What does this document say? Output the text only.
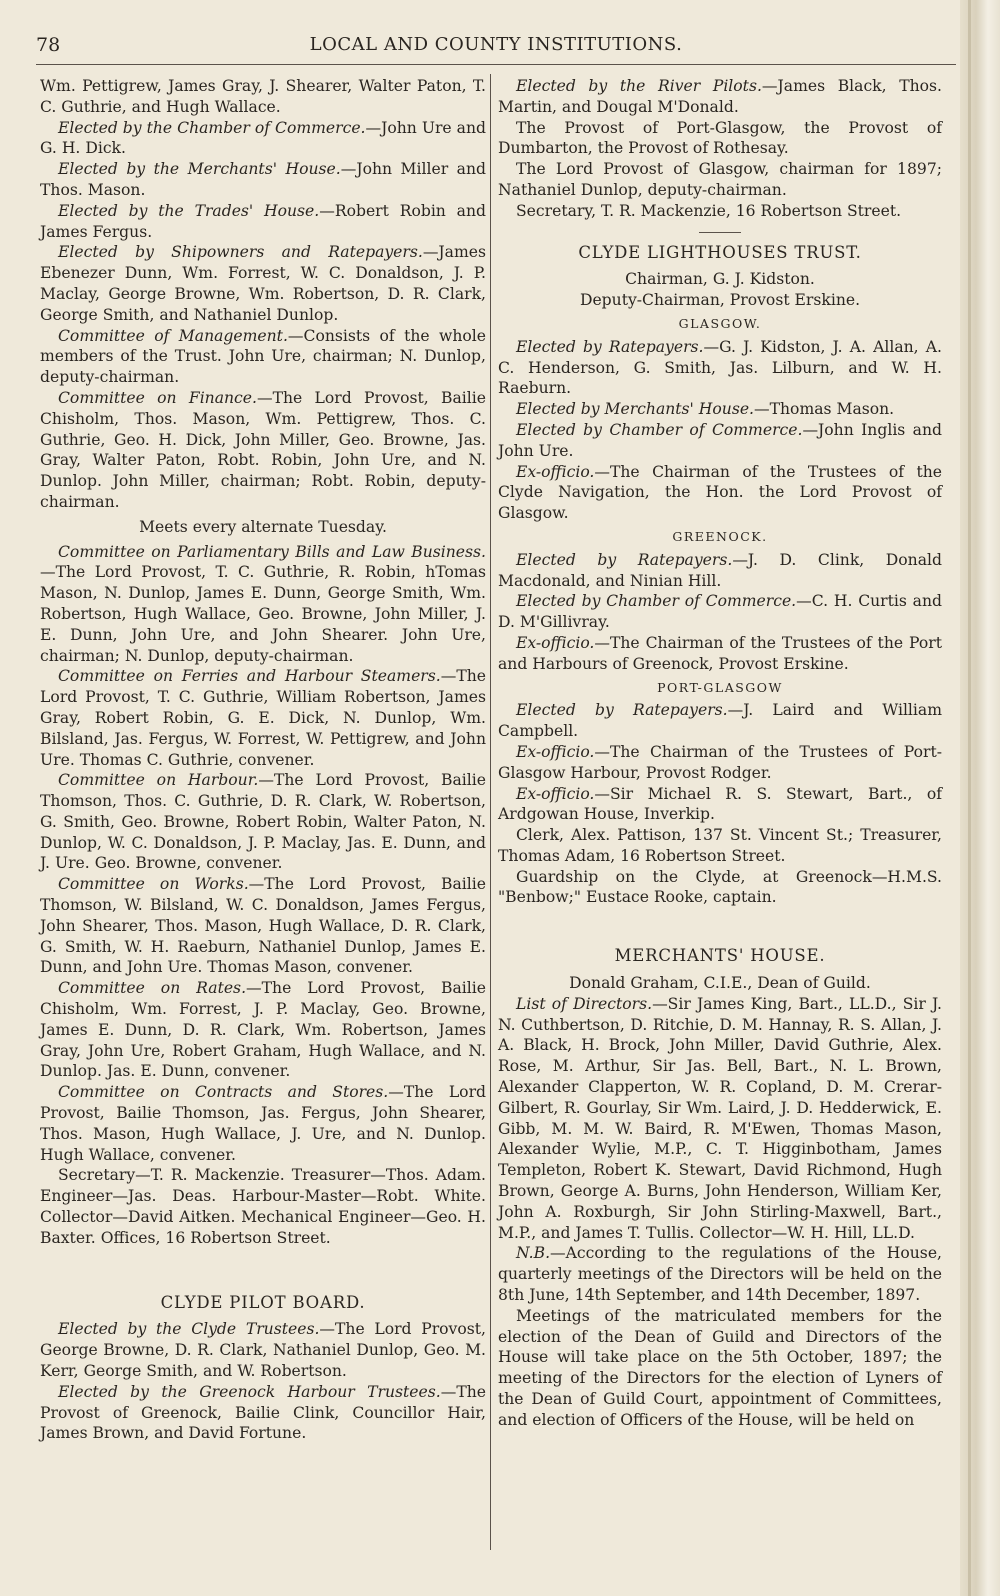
78	LOCAL AND COUNTY INSTITUTIONS.

Wm. Pettigrew, James Gray, J. Shearer, Walter Paton, T. C. Guthrie, and Hugh Wallace.

Elected by the Chamber of Commerce.—John Ure and G. H. Dick.

Elected by the Merchants' House.—John Miller and Thos. Mason.

Elected by the Trades' House.—Robert Robin and James Fergus.

Elected by Shipowners and Ratepayers.—James Ebenezer Dunn, Wm. Forrest, W. C. Donaldson, J. P. Maclay, George Browne, Wm. Robertson, D. R. Clark, George Smith, and Nathaniel Dunlop.

Committee of Management.—Consists of the whole members of the Trust. John Ure, chairman; N. Dunlop, deputy-chairman.

Committee on Finance.—The Lord Provost, Bailie Chisholm, Thos. Mason, Wm. Pettigrew, Thos. C. Guthrie, Geo. H. Dick, John Miller, Geo. Browne, Jas. Gray, Walter Paton, Robt. Robin, John Ure, and N. Dunlop. John Miller, chairman; Robt. Robin, deputy-chairman.

Meets every alternate Tuesday.

Committee on Parliamentary Bills and Law Business.—The Lord Provost, T. C. Guthrie, R. Robin, hTomas Mason, N. Dunlop, James E. Dunn, George Smith, Wm. Robertson, Hugh Wallace, Geo. Browne, John Miller, J. E. Dunn, John Ure, and John Shearer. John Ure, chairman; N. Dunlop, deputy-chairman.

Committee on Ferries and Harbour Steamers.—The Lord Provost, T. C. Guthrie, William Robertson, James Gray, Robert Robin, G. E. Dick, N. Dunlop, Wm. Bilsland, Jas. Fergus, W. Forrest, W. Pettigrew, and John Ure. Thomas C. Guthrie, convener.

Committee on Harbour.—The Lord Provost, Bailie Thomson, Thos. C. Guthrie, D. R. Clark, W. Robertson, G. Smith, Geo. Browne, Robert Robin, Walter Paton, N. Dunlop, W. C. Donaldson, J. P. Maclay, Jas. E. Dunn, and J. Ure. Geo. Browne, convener.

Committee on Works.—The Lord Provost, Bailie Thomson, W. Bilsland, W. C. Donaldson, James Fergus, John Shearer, Thos. Mason, Hugh Wallace, D. R. Clark, G. Smith, W. H. Raeburn, Nathaniel Dunlop, James E. Dunn, and John Ure. Thomas Mason, convener.

Committee on Rates.—The Lord Provost, Bailie Chisholm, Wm. Forrest, J. P. Maclay, Geo. Browne, James E. Dunn, D. R. Clark, Wm. Robertson, James Gray, John Ure, Robert Graham, Hugh Wallace, and N. Dunlop. Jas. E. Dunn, convener.

Committee on Contracts and Stores.—The Lord Provost, Bailie Thomson, Jas. Fergus, John Shearer, Thos. Mason, Hugh Wallace, J. Ure, and N. Dunlop. Hugh Wallace, convener.

Secretary—T. R. Mackenzie. Treasurer—Thos. Adam. Engineer—Jas. Deas. Harbour-Master—Robt. White. Collector—David Aitken. Mechanical Engineer—Geo. H. Baxter. Offices, 16 Robertson Street.

CLYDE PILOT BOARD.

Elected by the Clyde Trustees.—The Lord Provost, George Browne, D. R. Clark, Nathaniel Dunlop, Geo. M. Kerr, George Smith, and W. Robertson.

Elected by the Greenock Harbour Trustees.—The Provost of Greenock, Bailie Clink, Councillor Hair, James Brown, and David Fortune.

Elected by the River Pilots.—James Black, Thos. Martin, and Dougal M'Donald.

The Provost of Port-Glasgow, the Provost of Dumbarton, the Provost of Rothesay.

The Lord Provost of Glasgow, chairman for 1897; Nathaniel Dunlop, deputy-chairman.

Secretary, T. R. Mackenzie, 16 Robertson Street.

CLYDE LIGHTHOUSES TRUST.

Chairman, G. J. Kidston.

Deputy-Chairman, Provost Erskine.

GLASGOW.

Elected by Ratepayers.—G. J. Kidston, J. A. Allan, A. C. Henderson, G. Smith, Jas. Lilburn, and W. H. Raeburn.

Elected by Merchants' House.—Thomas Mason.

Elected by Chamber of Commerce.—John Inglis and John Ure.

Ex-officio.—The Chairman of the Trustees of the Clyde Navigation, the Hon. the Lord Provost of Glasgow.

GREENOCK.

Elected by Ratepayers.—J. D. Clink, Donald Macdonald, and Ninian Hill.

Elected by Chamber of Commerce.—C. H. Curtis and D. M'Gillivray.

Ex-officio.—The Chairman of the Trustees of the Port and Harbours of Greenock, Provost Erskine.

PORT-GLASGOW

Elected by Ratepayers.—J. Laird and William Campbell.

Ex-officio.—The Chairman of the Trustees of Port-Glasgow Harbour, Provost Rodger.

Ex-officio.—Sir Michael R. S. Stewart, Bart., of Ardgowan House, Inverkip.

Clerk, Alex. Pattison, 137 St. Vincent St.; Treasurer, Thomas Adam, 16 Robertson Street.

Guardship on the Clyde, at Greenock—H.M.S. "Benbow;" Eustace Rooke, captain.

MERCHANTS' HOUSE.

Donald Graham, C.I.E., Dean of Guild.

List of Directors.—Sir James King, Bart., LL.D., Sir J. N. Cuthbertson, D. Ritchie, D. M. Hannay, R. S. Allan, J. A. Black, H. Brock, John Miller, David Guthrie, Alex. Rose, M. Arthur, Sir Jas. Bell, Bart., N. L. Brown, Alexander Clapperton, W. R. Copland, D. M. Crerar-Gilbert, R. Gourlay, Sir Wm. Laird, J. D. Hedderwick, E. Gibb, M. M. W. Baird, R. M'Ewen, Thomas Mason, Alexander Wylie, M.P., C. T. Higginbotham, James Templeton, Robert K. Stewart, David Richmond, Hugh Brown, George A. Burns, John Henderson, William Ker, John A. Roxburgh, Sir John Stirling-Maxwell, Bart., M.P., and James T. Tullis. Collector—W. H. Hill, LL.D.

N.B.—According to the regulations of the House, quarterly meetings of the Directors will be held on the 8th June, 14th September, and 14th December, 1897.

Meetings of the matriculated members for the election of the Dean of Guild and Directors of the House will take place on the 5th October, 1897; the meeting of the Directors for the election of Lyners of the Dean of Guild Court, appointment of Committees, and election of Officers of the House, will be held on
